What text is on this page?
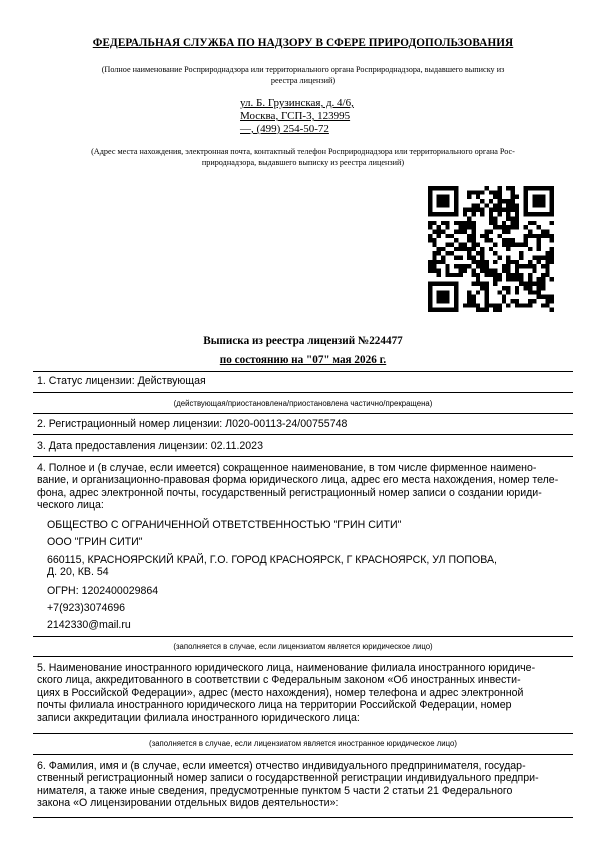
ФЕДЕРАЛЬНАЯ СЛУЖБА ПО НАДЗОРУ В СФЕРЕ ПРИРОДОПОЛЬЗОВАНИЯ
(Полное наименование Росприроднадзора или территориального органа Росприроднадзора, выдавшего выписку из
реестра лицензий)
ул. Б. Грузинская, д. 4/6,
Москва, ГСП-3, 123995
—, (499) 254-50-72
(Адрес места нахождения, электронная почта, контактный телефон Росприроднадзора или территориального органа Рос-
природнадзора, выдавшего выписку из реестра лицензий)
Выписка из реестра лицензий №224477
по состоянию на "07" мая 2026 г.
1. Статус лицензии: Действующая
(действующая/приостановлена/приостановлена частично/прекращена)
2. Регистрационный номер лицензии: Л020-00113-24/00755748
3. Дата предоставления лицензии: 02.11.2023
4. Полное и (в случае, если имеется) сокращенное наименование, в том числе фирменное наимено-
вание, и организационно-правовая форма юридического лица, адрес его места нахождения, номер теле-
фона, адрес электронной почты, государственный регистрационный номер записи о создании юриди-
ческого лица:
ОБЩЕСТВО С ОГРАНИЧЕННОЙ ОТВЕТСТВЕННОСТЬЮ "ГРИН СИТИ"
ООО "ГРИН СИТИ"
660115, КРАСНОЯРСКИЙ КРАЙ, Г.О. ГОРОД КРАСНОЯРСК, Г КРАСНОЯРСК, УЛ ПОПОВА,
Д. 20, КВ. 54
ОГРН: 1202400029864
+7(923)3074696
2142330@mail.ru
(заполняется в случае, если лицензиатом является юридическое лицо)
5. Наименование иностранного юридического лица, наименование филиала иностранного юридиче-
ского лица, аккредитованного в соответствии с Федеральным законом «Об иностранных инвести-
циях в Российской Федерации», адрес (место нахождения), номер телефона и адрес электронной
почты филиала иностранного юридического лица на территории Российской Федерации, номер
записи аккредитации филиала иностранного юридического лица:
(заполняется в случае, если лицензиатом является иностранное юридическое лицо)
6. Фамилия, имя и (в случае, если имеется) отчество индивидуального предпринимателя, государ-
ственный регистрационный номер записи о государственной регистрации индивидуального предпри-
нимателя, а также иные сведения, предусмотренные пунктом 5 части 2 статьи 21 Федерального
закона «О лицензировании отдельных видов деятельности»:
